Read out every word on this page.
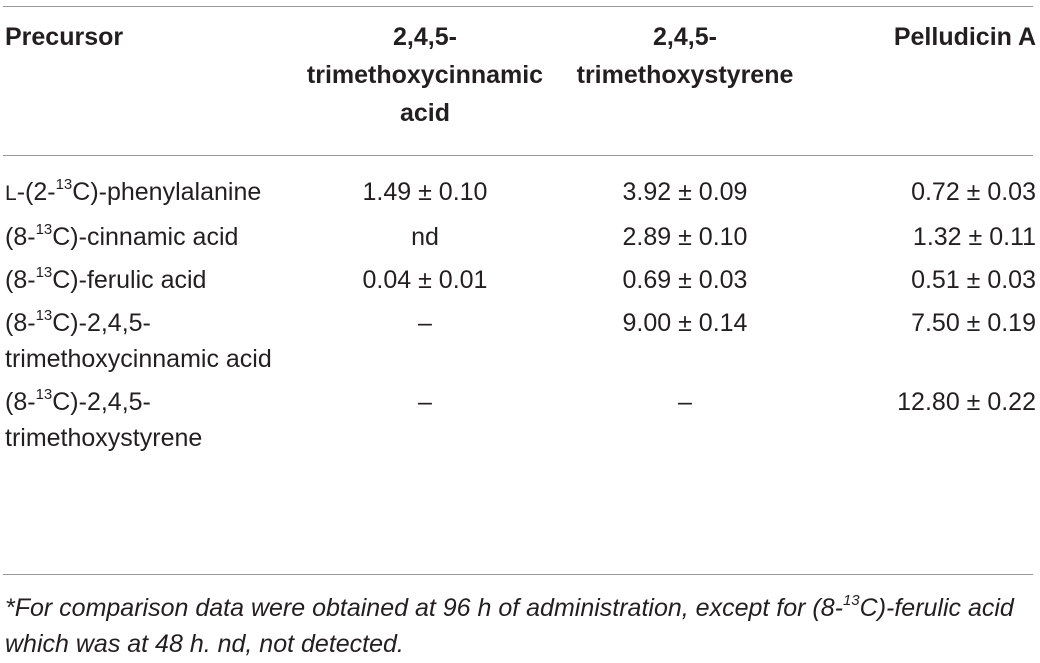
Precursor	2,4,5-trimethoxycinnamic acid	2,4,5-trimethoxystyrene	Pelludicin A
L-(2-$^{13}$C)-phenylalanine	1.49 ± 0.10	3.92 ± 0.09	0.72 ± 0.03
(8-$^{13}$C)-cinnamic acid	nd	2.89 ± 0.10	1.32 ± 0.11
(8-$^{13}$C)-ferulic acid	0.04 ± 0.01	0.69 ± 0.03	0.51 ± 0.03
(8-$^{13}$C)-2,4,5-trimethoxycinnamic acid	–	9.00 ± 0.14	7.50 ± 0.19
(8-$^{13}$C)-2,4,5-trimethoxystyrene	–	–	12.80 ± 0.22
*For comparison data were obtained at 96 h of administration, except for (8-$^{13}$C)-ferulic acid which was at 48 h. nd, not detected.
